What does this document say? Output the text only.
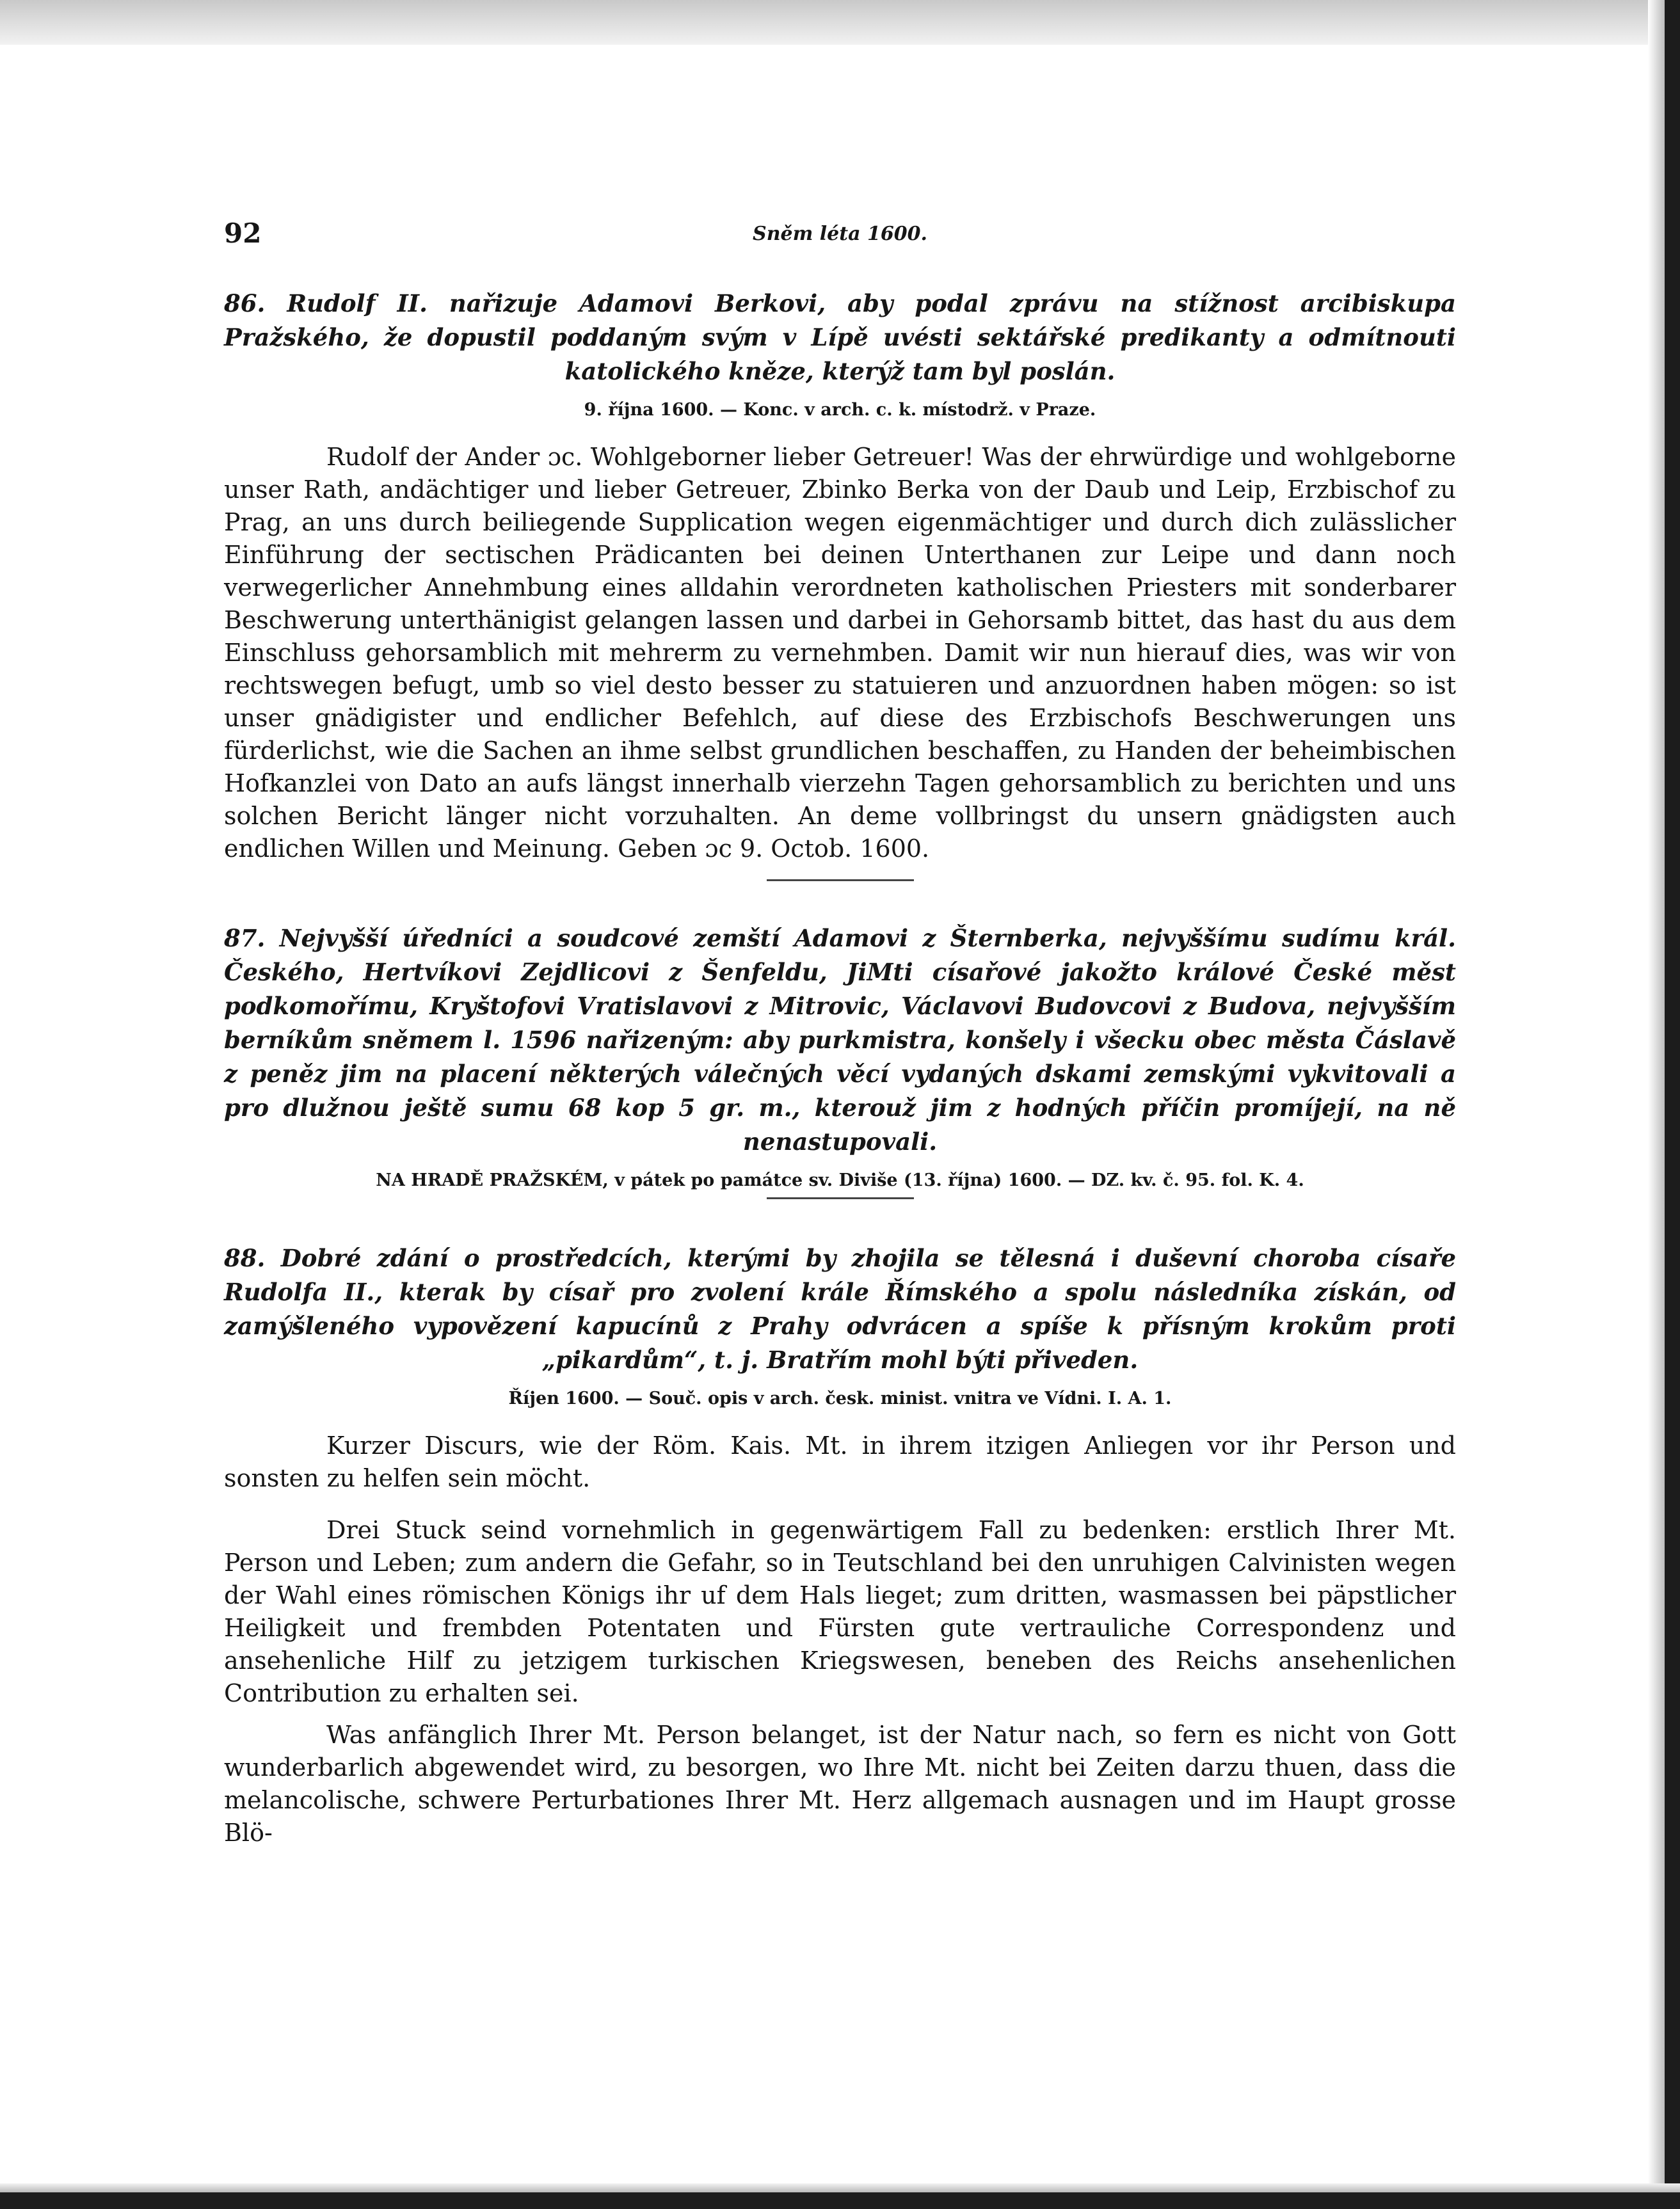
92	Sněm léta 1600.

86. Rudolf II. nařizuje Adamovi Berkovi, aby podal zprávu na stížnost arcibiskupa Pražského, že dopustil poddaným svým v Lípě uvésti sektářské predikanty a odmítnouti katolického kněze, kterýž tam byl poslán.

9. října 1600. — Konc. v arch. c. k. místodrž. v Praze.

Rudolf der Ander ɔc. Wohlgeborner lieber Getreuer! Was der ehrwürdige und wohlgeborne unser Rath, andächtiger und lieber Getreuer, Zbinko Berka von der Daub und Leip, Erzbischof zu Prag, an uns durch beiliegende Supplication wegen eigenmächtiger und durch dich zulässlicher Einführung der sectischen Prädicanten bei deinen Unterthanen zur Leipe und dann noch verwegerlicher Annehmbung eines alldahin verordneten katholischen Priesters mit sonderbarer Beschwerung unterthänigist gelangen lassen und darbei in Gehorsamb bittet, das hast du aus dem Einschluss gehorsamblich mit mehrerm zu vernehmben. Damit wir nun hierauf dies, was wir von rechtswegen befugt, umb so viel desto besser zu statuieren und anzuordnen haben mögen: so ist unser gnädigister und endlicher Befehlch, auf diese des Erzbischofs Beschwerungen uns fürderlichst, wie die Sachen an ihme selbst grundlichen beschaffen, zu Handen der beheimbischen Hofkanzlei von Dato an aufs längst innerhalb vierzehn Tagen gehorsamblich zu berichten und uns solchen Bericht länger nicht vorzuhalten. An deme vollbringst du unsern gnädigsten auch endlichen Willen und Meinung. Geben ɔc 9. Octob. 1600.

87. Nejvyšší úředníci a soudcové zemští Adamovi z Šternberka, nejvyššímu sudímu král. Českého, Hertvíkovi Zejdlicovi z Šenfeldu, JiMti císařové jakožto králové České měst podkomořímu, Kryštofovi Vratislavovi z Mitrovic, Václavovi Budovcovi z Budova, nejvyšším berníkům sněmem l. 1596 nařizeným: aby purkmistra, konšely i všecku obec města Čáslavě z peněz jim na placení některých válečných věcí vydaných dskami zemskými vykvitovali a pro dlužnou ještě sumu 68 kop 5 gr. m., kterouž jim z hodných příčin promíjejí, na ně nenastupovali.

NA HRADĚ PRAŽSKÉM, v pátek po památce sv. Diviše (13. října) 1600. — DZ. kv. č. 95. fol. K. 4.

88. Dobré zdání o prostředcích, kterými by zhojila se tělesná i duševní choroba císaře Rudolfa II., kterak by císař pro zvolení krále Římského a spolu následníka získán, od zamýšleného vypovězení kapucínů z Prahy odvrácen a spíše k přísným krokům proti „pikardům“, t. j. Bratřím mohl býti přiveden.

Říjen 1600. — Souč. opis v arch. česk. minist. vnitra ve Vídni. I. A. 1.

Kurzer Discurs, wie der Röm. Kais. Mt. in ihrem itzigen Anliegen vor ihr Person und sonsten zu helfen sein möcht.

Drei Stuck seind vornehmlich in gegenwärtigem Fall zu bedenken: erstlich Ihrer Mt. Person und Leben; zum andern die Gefahr, so in Teutschland bei den unruhigen Calvinisten wegen der Wahl eines römischen Königs ihr uf dem Hals lieget; zum dritten, wasmassen bei päpstlicher Heiligkeit und frembden Potentaten und Fürsten gute vertrauliche Correspondenz und ansehenliche Hilf zu jetzigem turkischen Kriegswesen, beneben des Reichs ansehenlichen Contribution zu erhalten sei.

Was anfänglich Ihrer Mt. Person belanget, ist der Natur nach, so fern es nicht von Gott wunderbarlich abgewendet wird, zu besorgen, wo Ihre Mt. nicht bei Zeiten darzu thuen, dass die melancolische, schwere Perturbationes Ihrer Mt. Herz allgemach ausnagen und im Haupt grosse Blö-
